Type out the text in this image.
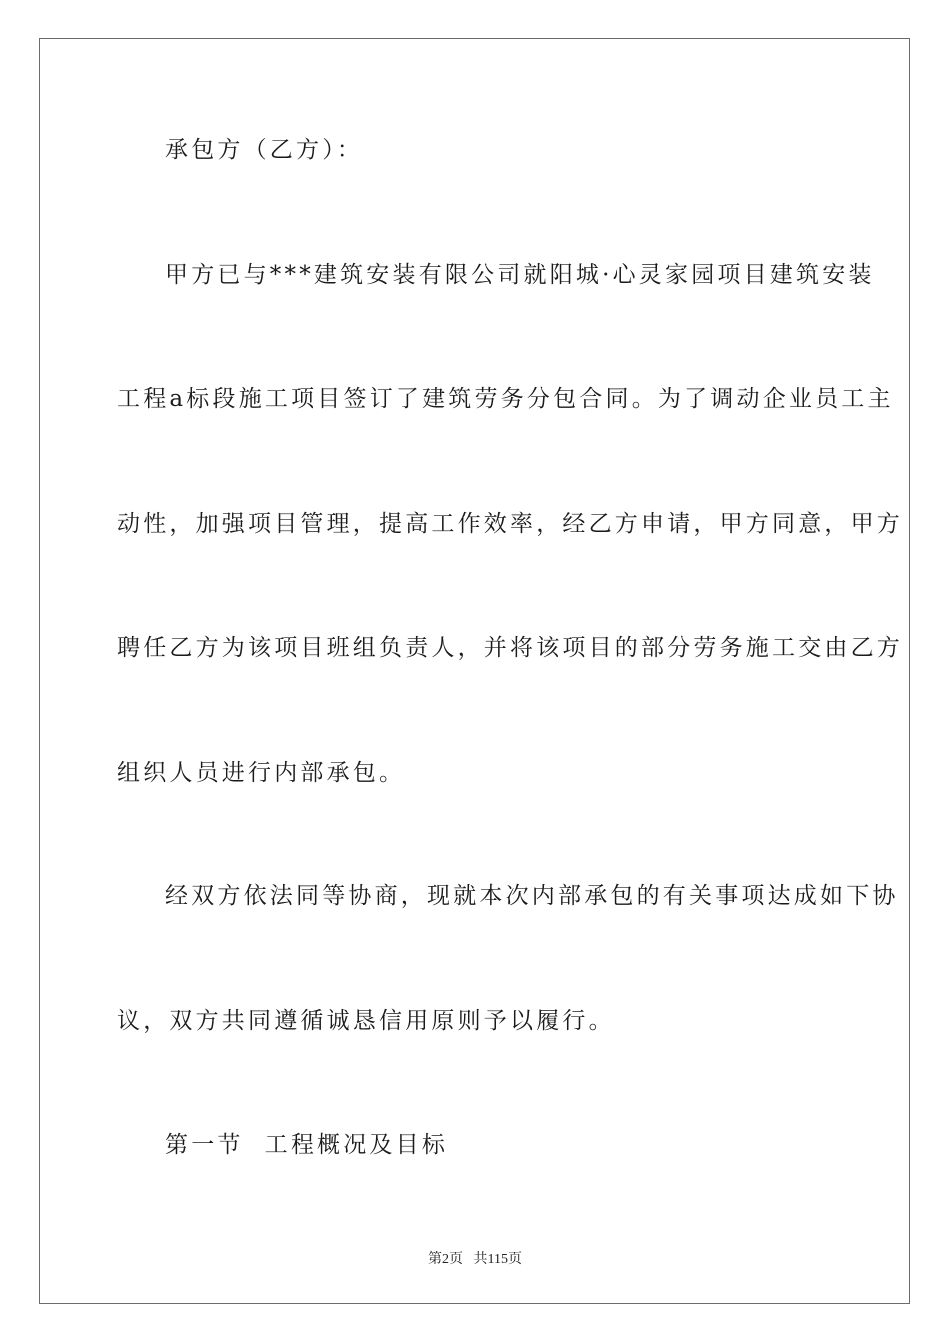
承包方（乙方）：
甲方已与***建筑安装有限公司就阳城·心灵家园项目建筑安装
工程a标段施工项目签订了建筑劳务分包合同。为了调动企业员工主
动性，加强项目管理，提高工作效率，经乙方申请，甲方同意，甲方
聘任乙方为该项目班组负责人，并将该项目的部分劳务施工交由乙方
组织人员进行内部承包。
经双方依法同等协商，现就本次内部承包的有关事项达成如下协
议，双方共同遵循诚恳信用原则予以履行。
第一节  工程概况及目标
第2页 共115页
